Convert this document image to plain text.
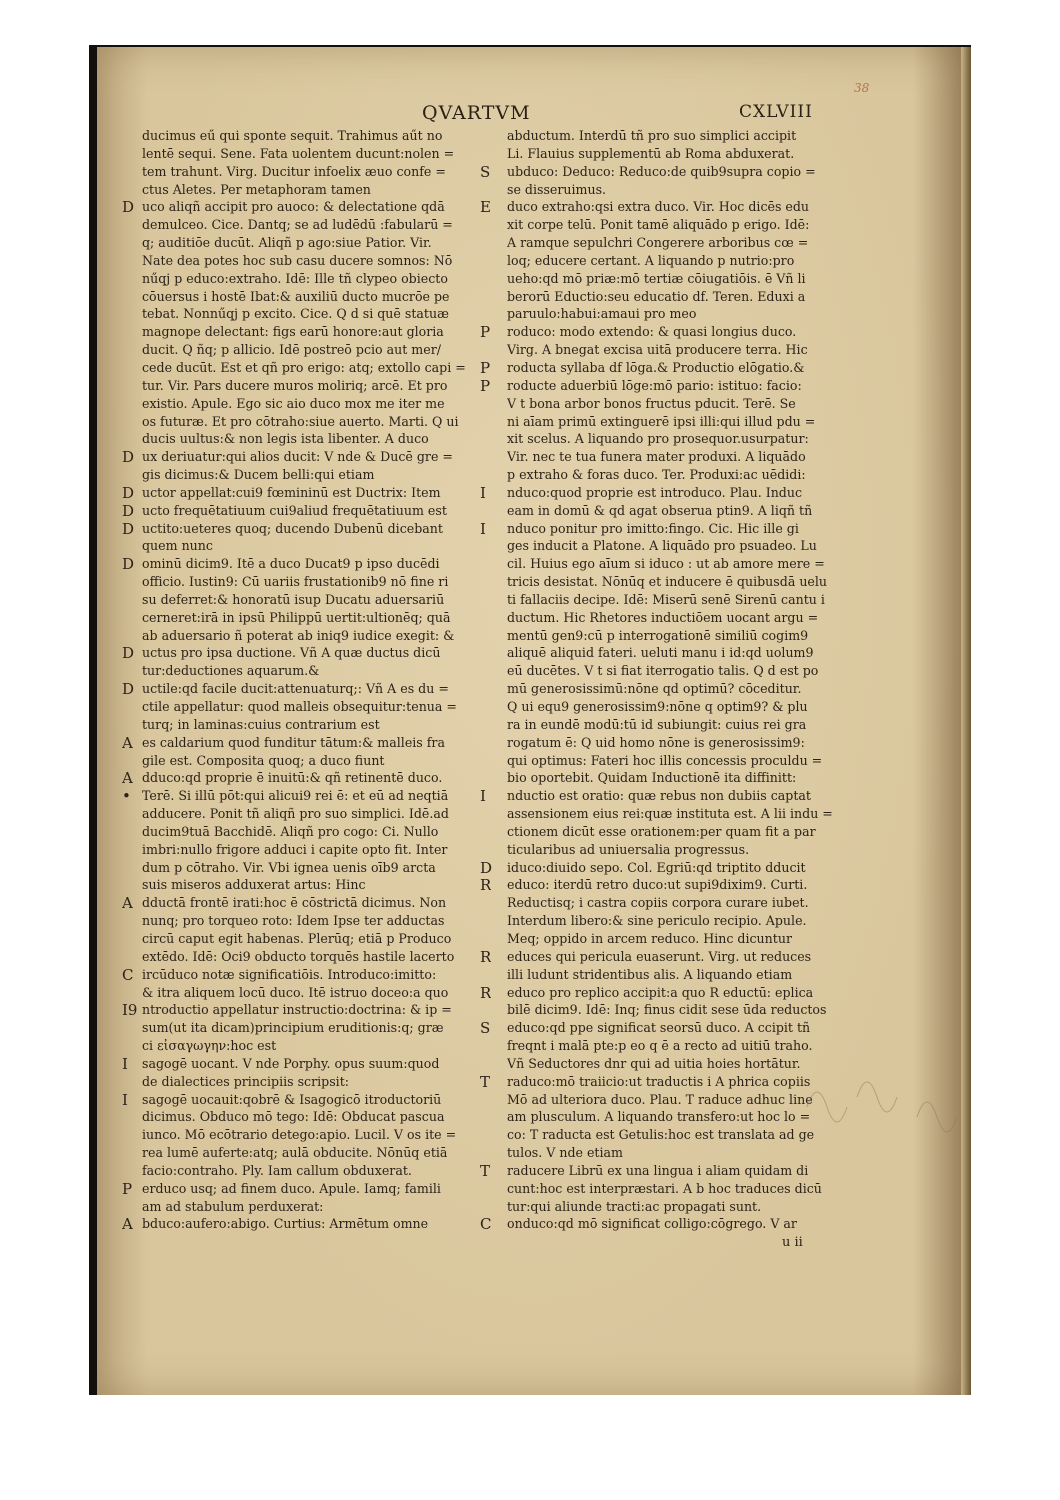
38
QVARTVM	CXLVIII
ducimus eű qui sponte sequit. Trahimus aűt no
lentē sequi. Sene. Fata uolentem ducunt:nolen =
tem trahunt. Virg. Ducitur infoelix æuo confe =
ctus Aletes. Per metaphoram tamen
D uco aliqñ accipit pro auoco: & delectatione qdā
demulceo. Cice. Dantq; se ad ludēdū :fabularū =
q; auditiōe ducūt. Aliqñ p ago:siue Patior. Vir.
Nate dea potes hoc sub casu ducere somnos: Nō
nűqj p educo:extraho. Idē: Ille tñ clypeo obiecto
cōuersus i hostē Ibat:& auxiliū ducto mucrōe pe
tebat. Nonnűqj p excito. Cice. Q d si quē statuæ
magnope delectant: figs earū honore:aut gloria
ducit. Q ñq; p allicio. Idē postreō pcio aut mer/
cede ducūt. Est et qñ pro erigo: atq; extollo capi =
tur. Vir. Pars ducere muros moliriq; arcē. Et pro
existio. Apule. Ego sic aio duco mox me iter me
os futuræ. Et pro cōtraho:siue auerto. Marti. Q ui
ducis uultus:& non legis ista libenter. A duco
D ux deriuatur:qui alios ducit: V nde & Ducē gre =
gis dicimus:& Ducem belli:qui etiam
D uctor appellat:cui9 fœmininū est Ductrix: Item
D ucto frequētatiuum cui9aliud frequētatiuum est
D uctito:ueteres quoq; ducendo Dubenū dicebant
quem nunc
D ominū dicim9. Itē a duco Ducat9 p ipso ducēdi
officio. Iustin9: Cū uariis frustationib9 nō fine ri
su deferret:& honoratū isup Ducatu aduersariū
cerneret:irā in ipsū Philippū uertit:ultionēq; quā
ab aduersario ñ poterat ab iniq9 iudice exegit: &
D uctus pro ipsa ductione. Vñ A quæ ductus dicū
tur:deductiones aquarum.&
D uctile:qd facile ducit:attenuaturq;: Vñ A es du =
ctile appellatur: quod malleis obsequitur:tenua =
turq; in laminas:cuius contrarium est
A es caldarium quod funditur tātum:& malleis fra
gile est. Composita quoq; a duco fiunt
A dduco:qd proprie ē inuitū:& qñ retinentē duco.
• Terē. Si illū pōt:qui alicui9 rei ē: et eū ad neqtiā
adducere. Ponit tñ aliqñ pro suo simplici. Idē.ad
ducim9tuā Bacchidē. Aliqñ pro cogo: Ci. Nullo
imbri:nullo frigore adduci i capite opto fit. Inter
dum p cōtraho. Vir. Vbi ignea uenis oīb9 arcta
suis miseros adduxerat artus: Hinc
A dductā frontē irati:hoc ē cōstrictā dicimus. Non
nunq; pro torqueo roto: Idem Ipse ter adductas
circū caput egit habenas. Plerūq; etiā p Produco
extēdo. Idē: Oci9 obducto torquēs hastile lacerto
C ircūduco notæ significatiōis. Introduco:imitto:
& itra aliquem locū duco. Itē istruo doceo:a quo
I9 ntroductio appellatur instructio:doctrina: & ip =
sum(ut ita dicam)principium eruditionis:q; græ
ci εἰσαγωγην:hoc est
I sagogē uocant. V nde Porphy. opus suum:quod
de dialectices principiis scripsit:
I sagogē uocauit:qobrē & Isagogicō itroductoriū
dicimus. Obduco mō tego: Idē: Obducat pascua
iunco. Mō ecōtrario detego:apio. Lucil. V os ite =
rea lumē auferte:atq; aulā obducite. Nōnūq etiā
facio:contraho. Ply. Iam callum obduxerat.
P erduco usq; ad finem duco. Apule. Iamq; famili
am ad stabulum perduxerat:
A bduco:aufero:abigo. Curtius: Armētum omne
abductum. Interdū tñ pro suo simplici accipit
Li. Flauius supplementū ab Roma abduxerat.
S ubduco: Deduco: Reduco:de quib9supra copio =
se disseruimus.
E duco extraho:qsi extra duco. Vir. Hoc dicēs edu
xit corpe telū. Ponit tamē aliquādo p erigo. Idē:
A ramque sepulchri Congerere arboribus cœ =
loq; educere certant. A liquando p nutrio:pro
ueho:qd mō priæ:mō tertiæ cōiugatiōis. ē Vñ li
berorū Eductio:seu educatio df. Teren. Eduxi a
paruulo:habui:amaui pro meo
P roduco: modo extendo: & quasi longius duco.
Virg. A bnegat excisa uitā producere terra. Hic
P roducta syllaba df lōga.& Productio elōgatio.&
P roducte aduerbiū lōge:mō pario: istituo: facio:
V t bona arbor bonos fructus pducit. Terē. Se
ni aīam primū extinguerē ipsi illi:qui illud pdu =
xit scelus. A liquando pro prosequor.usurpatur:
Vir. nec te tua funera mater produxi. A liquādo
p extraho & foras duco. Ter. Produxi:ac uēdidi:
I nduco:quod proprie est introduco. Plau. Induc
eam in domū & qd agat obserua ptin9. A liqñ tñ
I nduco ponitur pro imitto:fingo. Cic. Hic ille gi
ges inducit a Platone. A liquādo pro psuadeo. Lu
cil. Huius ego aīum si iduco : ut ab amore mere =
tricis desistat. Nōnūq et inducere ē quibusdā uelu
ti fallaciis decipe. Idē: Miserū senē Sirenū cantu i
ductum. Hic Rhetores inductiōem uocant argu =
mentū gen9:cū p interrogationē similiū cogim9
aliquē aliquid fateri. ueluti manu i id:qd uolum9
eū ducētes. V t si fiat iterrogatio talis. Q d est po
mū generosissimū:nōne qd optimū? cōceditur.
Q ui equ9 generosissim9:nōne q optim9? & plu
ra in eundē modū:tū id subiungit: cuius rei gra
rogatum ē: Q uid homo nōne is generosissim9:
qui optimus: Fateri hoc illis concessis proculdu =
bio oportebit. Quidam Inductionē ita diffinitt:
I nductio est oratio: quæ rebus non dubiis captat
assensionem eius rei:quæ instituta est. A lii indu =
ctionem dicūt esse orationem:per quam fit a par
ticularibus ad uniuersalia progressus.
D iduco:diuido sepo. Col. Egriū:qd triptito dducit
R educo: iterdū retro duco:ut supi9dixim9. Curti.
Reductisq; i castra copiis corpora curare iubet.
Interdum libero:& sine periculo recipio. Apule.
Meq; oppido in arcem reduco. Hinc dicuntur
R educes qui pericula euaserunt. Virg. ut reduces
illi ludunt stridentibus alis. A liquando etiam
R educo pro replico accipit:a quo R eductū: eplica
bilē dicim9. Idē: Inq; finus cidit sese ūda reductos
S educo:qd ppe significat seorsū duco. A ccipit tñ
freqnt i malā pte:p eo q ē a recto ad uitiū traho.
Vñ Seductores dnr qui ad uitia hoies hortātur.
T raduco:mō traiicio:ut traductis i A phrica copiis
Mō ad ulteriora duco. Plau. T raduce adhuc line
am plusculum. A liquando transfero:ut hoc lo =
co: T raducta est Getulis:hoc est translata ad ge
tulos. V nde etiam
T raducere Librū ex una lingua i aliam quidam di
cunt:hoc est interpræstari. A b hoc traduces dicū
tur:qui aliunde tracti:ac propagati sunt.
C onduco:qd mō significat colligo:cōgrego. V ar
u ii
